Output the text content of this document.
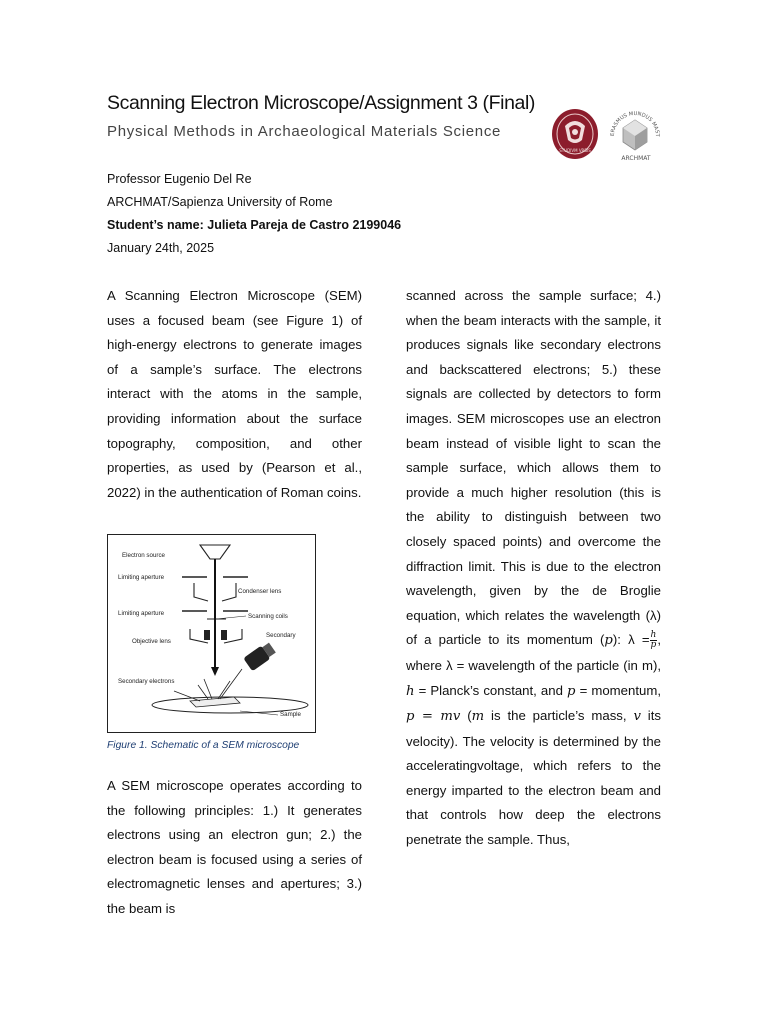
Scanning Electron Microscope/Assignment 3 (Final)
Physical Methods in Archaeological Materials Science
STUDIVM VRBIS
ERASMUS MUNDUS MAST
ARCHMAT
Professor Eugenio Del Re
ARCHMAT/Sapienza University of Rome
Student’s name: Julieta Pareja de Castro 2199046
January 24th, 2025

A Scanning Electron Microscope (SEM) uses a focused beam (see Figure 1) of high-energy electrons to generate images of a sample’s surface. The electrons interact with the atoms in the sample, providing information about the surface topography, composition, and other properties, as used by (Pearson et al., 2022) in the authentication of Roman coins.

Electron source
Limiting aperture
Condenser lens
Limiting aperture	Scanning coils
Secondary
Objective lens
Secondary electrons
Sample
Figure 1. Schematic of a SEM microscope

A SEM microscope operates according to the following principles: 1.) It generates electrons using an electron gun; 2.) the electron beam is focused using a series of electromagnetic lenses and apertures; 3.) the beam is

scanned across the sample surface; 4.) when the beam interacts with the sample, it produces signals like secondary electrons and backscattered electrons; 5.) these signals are collected by detectors to form images. SEM microscopes use an electron beam instead of visible light to scan the sample surface, which allows them to provide a much higher resolution (this is the ability to distinguish between two closely spaced points) and overcome the diffraction limit. This is due to the electron wavelength, given by the de Broglie equation, which relates the wavelength (λ) of a particle to its momentum (p): $\lambda = \frac{h}{p}$ , where λ = wavelength of the particle (in m), h = Planck’s constant, and p = momentum, p = mv (m is the particle’s mass, v its velocity). The velocity is determined by the acceleratingvoltage, which refers to the energy imparted to the electron beam and that controls how deep the electrons penetrate the sample. Thus,
